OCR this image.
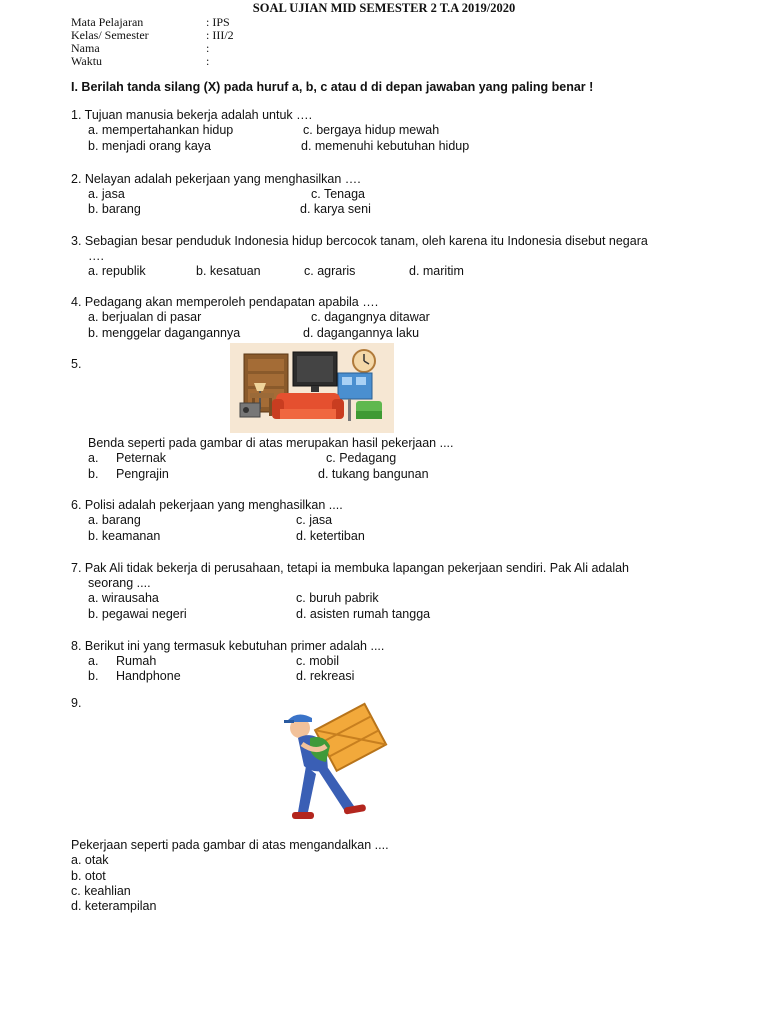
SOAL UJIAN MID SEMESTER 2 T.A 2019/2020
Mata Pelajaran	: IPS
Kelas/ Semester	: III/2
Nama	:
Waktu	:
I. Berilah tanda silang (X) pada huruf a, b, c atau d di depan jawaban yang paling benar !
1. Tujuan manusia bekerja adalah untuk ….
a. mempertahankan hidup	c. bergaya hidup mewah
b. menjadi orang kaya	d. memenuhi kebutuhan hidup
2. Nelayan adalah pekerjaan yang menghasilkan ….
a. jasa	c. Tenaga
b. barang	d. karya seni
3. Sebagian besar penduduk Indonesia hidup bercocok tanam, oleh karena itu Indonesia disebut negara
….
a. republik	b. kesatuan	c. agraris	d. maritim
4. Pedagang akan memperoleh pendapatan apabila ….
a. berjualan di pasar	c. dagangnya ditawar
b. menggelar dagangannya	d. dagangannya laku
5.
Benda seperti pada gambar di atas merupakan hasil pekerjaan ....
a. Peternak	c. Pedagang
b. Pengrajin	d. tukang bangunan
6. Polisi adalah pekerjaan yang menghasilkan ....
a. barang	c. jasa
b. keamanan	d. ketertiban
7. Pak Ali tidak bekerja di perusahaan, tetapi ia membuka lapangan pekerjaan sendiri. Pak Ali adalah
seorang ....
a. wirausaha	c. buruh pabrik
b. pegawai negeri	d. asisten rumah tangga
8. Berikut ini yang termasuk kebutuhan primer adalah ....
a. Rumah	c. mobil
b. Handphone	d. rekreasi
9.
Pekerjaan seperti pada gambar di atas mengandalkan ....
a. otak
b. otot
c. keahlian
d. keterampilan
